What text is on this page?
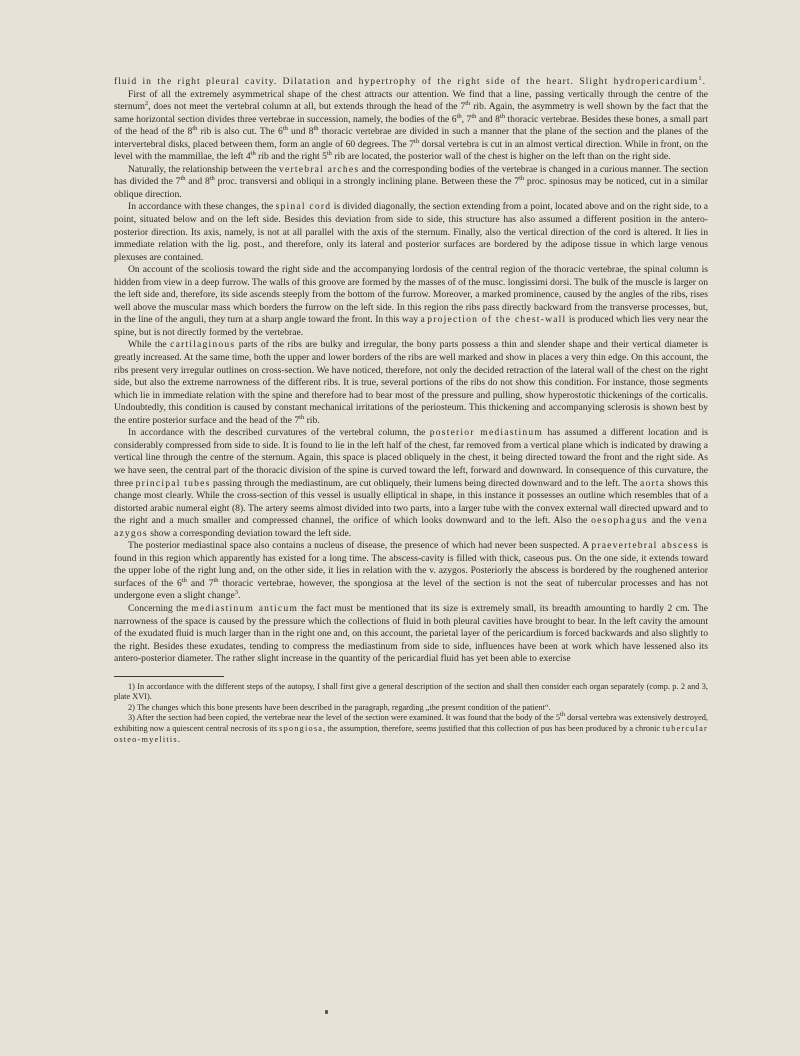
fluid in the right pleural cavity. Dilatation and hypertrophy of the right side of the heart. Slight hydropericardium$^1$.

First of all the extremely asymmetrical shape of the chest attracts our attention. We find that a line, passing vertically through the centre of the sternum$^2$, does not meet the vertebral column at all, but extends through the head of the 7th rib. Again, the asymmetry is well shown by the fact that the same horizontal section divides three vertebrae in succession, namely, the bodies of the 6th, 7th and 8th thoracic vertebrae. Besides these bones, a small part of the head of the 8th rib is also cut. The 6th und 8th thoracic vertebrae are divided in such a manner that the plane of the section and the planes of the intervertebral disks, placed between them, form an angle of 60 degrees. The 7th dorsal vertebra is cut in an almost vertical direction. While in front, on the level with the mammillae, the left 4th rib and the right 5th rib are located, the posterior wall of the chest is higher on the left than on the right side.

Naturally, the relationship between the vertebral arches and the corresponding bodies of the vertebrae is changed in a curious manner. The section has divided the 7th and 8th proc. transversi and obliqui in a strongly inclining plane. Between these the 7th proc. spinosus may be noticed, cut in a similar oblique direction.

In accordance with these changes, the spinal cord is divided diagonally, the section extending from a point, located above and on the right side, to a point, situated below and on the left side. Besides this deviation from side to side, this structure has also assumed a different position in the antero-posterior direction. Its axis, namely, is not at all parallel with the axis of the sternum. Finally, also the vertical direction of the cord is altered. It lies in immediate relation with the lig. post., and therefore, only its lateral and posterior surfaces are bordered by the adipose tissue in which large venous plexuses are contained.

On account of the scoliosis toward the right side and the accompanying lordosis of the central region of the thoracic vertebrae, the spinal column is hidden from view in a deep furrow. The walls of this groove are formed by the masses of of the musc. longissimi dorsi. The bulk of the muscle is larger on the left side and, therefore, its side ascends steeply from the bottom of the furrow. Moreover, a marked prominence, caused by the angles of the ribs, rises well above the muscular mass which borders the furrow on the left side. In this region the ribs pass directly backward from the transverse processes, but, in the line of the anguli, they turn at a sharp angle toward the front. In this way a projection of the chest-wall is produced which lies very near the spine, but is not directly formed by the vertebrae.

While the cartilaginous parts of the ribs are bulky and irregular, the bony parts possess a thin and slender shape and their vertical diameter is greatly increased. At the same time, both the upper and lower borders of the ribs are well marked and show in places a very thin edge. On this account, the ribs present very irregular outlines on cross-section. We have noticed, therefore, not only the decided retraction of the lateral wall of the chest on the right side, but also the extreme narrowness of the different ribs. It is true, several portions of the ribs do not show this condition. For instance, those segments which lie in immediate relation with the spine and therefore had to bear most of the pressure and pulling, show hyperostotic thickenings of the corticalis. Undoubtedly, this condition is caused by constant mechanical irritations of the periosteum. This thickening and accompanying sclerosis is shown best by the entire posterior surface and the head of the 7th rib.

In accordance with the described curvatures of the vertebral column, the posterior mediastinum has assumed a different location and is considerably compressed from side to side. It is found to lie in the left half of the chest, far removed from a vertical plane which is indicated by drawing a vertical line through the centre of the sternum. Again, this space is placed obliquely in the chest, it being directed toward the front and the right side. As we have seen, the central part of the thoracic division of the spine is curved toward the left, forward and downward. In consequence of this curvature, the three principal tubes passing through the mediastinum, are cut obliquely, their lumens being directed downward and to the left. The aorta shows this change most clearly. While the cross-section of this vessel is usually elliptical in shape, in this instance it possesses an outline which resembles that of a distorted arabic numeral eight (8). The artery seems almost divided into two parts, into a larger tube with the convex external wall directed upward and to the right and a much smaller and compressed channel, the orifice of which looks downward and to the left. Also the oesophagus and the vena azygos show a corresponding deviation toward the left side.

The posterior mediastinal space also contains a nucleus of disease, the presence of which had never been suspected. A praevertebral abscess is found in this region which apparently has existed for a long time. The abscess-cavity is filled with thick, caseous pus. On the one side, it extends toward the upper lobe of the right lung and, on the other side, it lies in relation with the v. azygos. Posteriorly the abscess is bordered by the roughened anterior surfaces of the 6th and 7th thoracic vertebrae, however, the spongiosa at the level of the section is not the seat of tubercular processes and has not undergone even a slight change$^3$.

Concerning the mediastinum anticum the fact must be mentioned that its size is extremely small, its breadth amounting to hardly 2 cm. The narrowness of the space is caused by the pressure which the collections of fluid in both pleural cavities have brought to bear. In the left cavity the amount of the exudated fluid is much larger than in the right one and, on this account, the parietal layer of the pericardium is forced backwards and also slightly to the right. Besides these exudates, tending to compress the mediastinum from side to side, influences have been at work which have lessened also its antero-posterior diameter. The rather slight increase in the quantity of the pericardial fluid has yet been able to exercise

1) In accordance with the different steps of the autopsy, I shall first give a general description of the section and shall then consider each organ separately (comp. p. 2 and 3, plate XVI).

2) The changes which this bone presents have been described in the paragraph, regarding „the present condition of the patient“.

3) After the section had been copied, the vertebrae near the level of the section were examined. It was found that the body of the 5th dorsal vertebra was extensively destroyed, exhibiting now a quiescent central necrosis of its spongiosa, the assumption, therefore, seems justified that this collection of pus has been produced by a chronic tubercular osteo-myelitis.
